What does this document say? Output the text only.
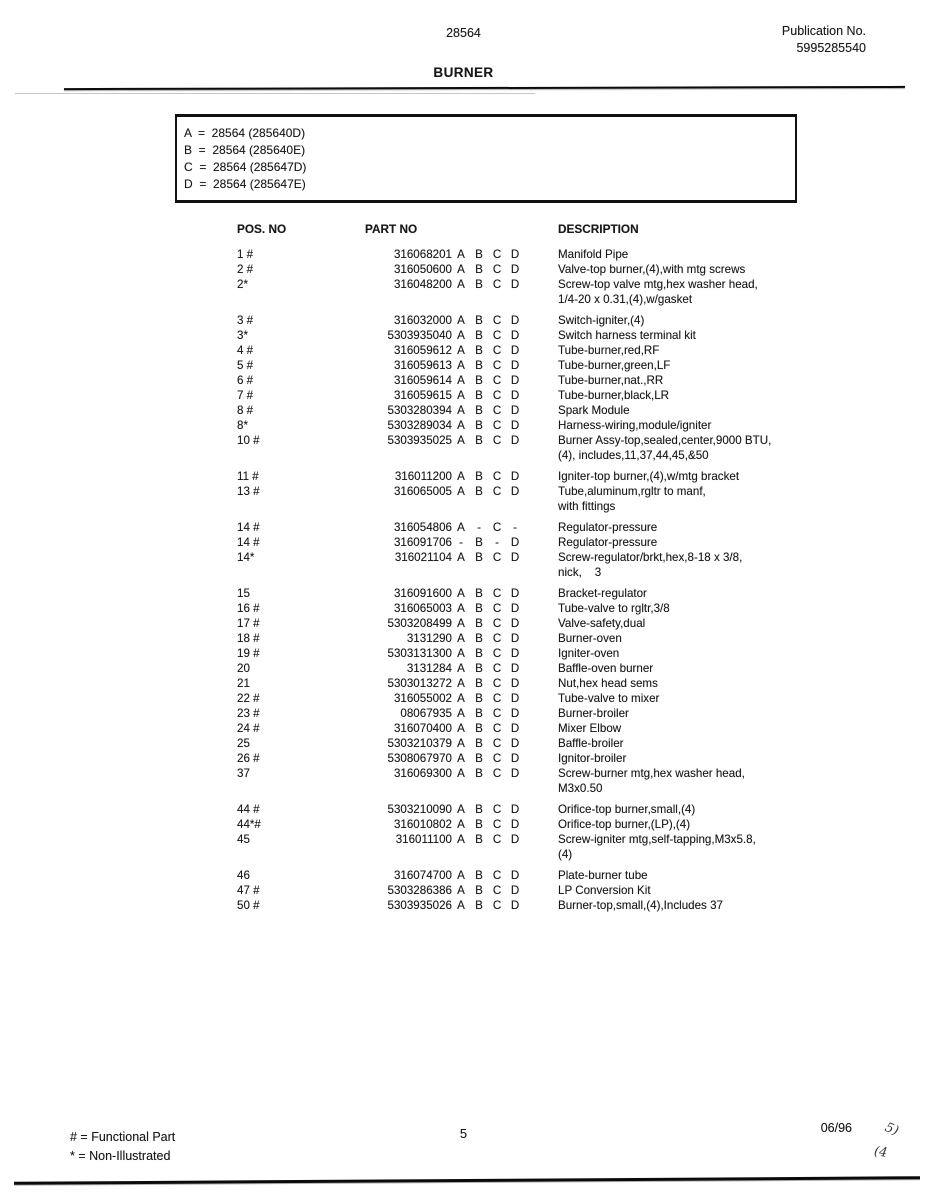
28564	Publication No.
5995285540
BURNER
A  =  28564 (285640D)
B  =  28564 (285640E)
C  =  28564 (285647D)
D  =  28564 (285647E)
POS. NO	PART NO	DESCRIPTION
1 #	316068201 A B C D	Manifold Pipe
2 #	316050600 A B C D	Valve-top burner,(4),with mtg screws
2*	316048200 A B C D	Screw-top valve mtg,hex washer head,
1/4-20 x 0.31,(4),w/gasket
3 #	316032000 A B C D	Switch-igniter,(4)
3*	5303935040 A B C D	Switch harness terminal kit
4 #	316059612 A B C D	Tube-burner,red,RF
5 #	316059613 A B C D	Tube-burner,green,LF
6 #	316059614 A B C D	Tube-burner,nat.,RR
7 #	316059615 A B C D	Tube-burner,black,LR
8 #	5303280394 A B C D	Spark Module
8*	5303289034 A B C D	Harness-wiring,module/igniter
10 #	5303935025 A B C D	Burner Assy-top,sealed,center,9000 BTU,
(4), includes,11,37,44,45,&50
11 #	316011200 A B C D	Igniter-top burner,(4),w/mtg bracket
13 #	316065005 A B C D	Tube,aluminum,rgltr to manf,
with fittings
14 #	316054806 A	-	C	-	Regulator-pressure
14 #	316091706 -	B	-	D	Regulator-pressure
14*	316021104 A B C D	Screw-regulator/brkt,hex,8-18 x 3/8,
nick,    3
15	316091600 A B C D	Bracket-regulator
16 #	316065003 A B C D	Tube-valve to rgltr,3/8
17 #	5303208499 A B C D	Valve-safety,dual
18 #	3131290 A B C D	Burner-oven
19 #	5303131300 A B C D	Igniter-oven
20	3131284 A B C D	Baffle-oven burner
21	5303013272 A B C D	Nut,hex head sems
22 #	316055002 A B C D	Tube-valve to mixer
23 #	08067935 A B C D	Burner-broiler
24 #	316070400 A B C D	Mixer Elbow
25	5303210379 A B C D	Baffle-broiler
26 #	5308067970 A B C D	Ignitor-broiler
37	316069300 A B C D	Screw-burner mtg,hex washer head,
M3x0.50
44 #	5303210090 A B C D	Orifice-top burner,small,(4)
44*#	316010802 A B C D	Orifice-top burner,(LP),(4)
45	316011100 A B C D	Screw-igniter mtg,self-tapping,M3x5.8,
(4)
46	316074700 A B C D	Plate-burner tube
47 #	5303286386 A B C D	LP Conversion Kit
50 #	5303935026 A B C D	Burner-top,small,(4),Includes 37
# = Functional Part
* = Non-Illustrated
5	06/96 5)
(4
